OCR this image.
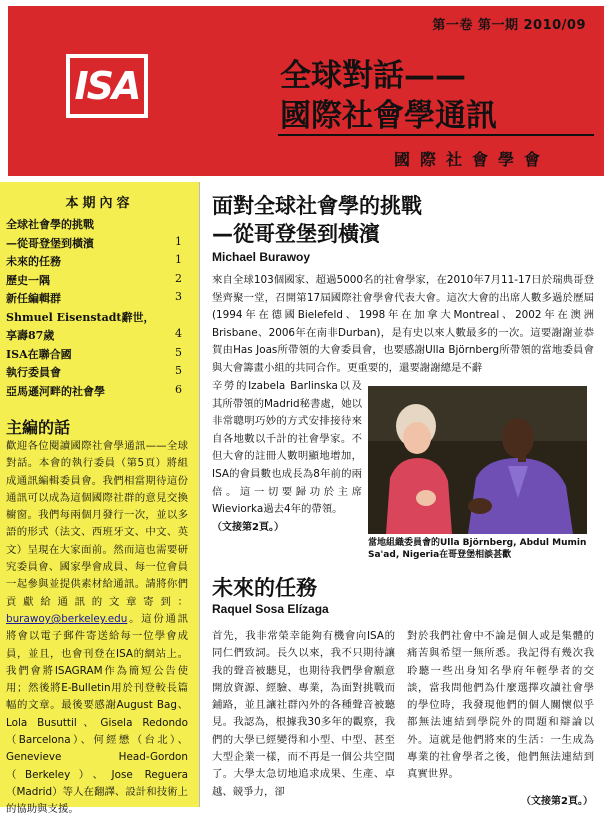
第一卷 第一期 2010/09
ISA	全球對話——
國際社會學通訊
國際社會學會
本期內容
全球社會學的挑戰
—從哥登堡到橫濱	1
未來的任務	1
歷史一隅	2
新任編輯群	3
Shmuel Eisenstadt辭世，
享壽87歲	4
ISA在聯合國	5
執行委員會	5
亞馬遜河畔的社會學	6
主編的話
歡迎各位閱讀國際社會學通訊——全球對話。本會的執行委員（第5頁）將組成通訊編輯委員會。我們相當期待這份通訊可以成為這個國際社群的意見交換櫥窗。我們每兩個月發行一次，並以多語的形式（法文、西班牙文、中文、英文）呈現在大家面前。然而這也需要研究委員會、國家學會成員、每一位會員一起參與並提供素材給通訊。請將你們貢獻給通訊的文章寄到：burawoy@berkeley.edu。這份通訊將會以電子郵件寄送給每一位學會成員，並且，也會刊登在ISA的網站上。我們會將ISAGRAM作為簡短公告使用；然後將E-Bulletin用於刊登較長篇幅的文章。最後要感謝August Bag、Lola Busuttil、Gisela Redondo（Barcelona）、何經懋（台北）、Genevieve Head-Gordon（Berkeley）、Jose Reguera（Madrid）等人在翻譯、設計和技術上的協助與支援。
面對全球社會學的挑戰
—從哥登堡到橫濱
Michael Burawoy
來自全球103個國家、超過5000名的社會學家，在2010年7月11-17日於瑞典哥登堡齊聚一堂，召開第17屆國際社會學會代表大會。這次大會的出席人數多過於歷屆(1994年在德國Bielefeld、1998年在加拿大Montreal、2002年在澳洲Brisbane、2006年在南非Durban)，是有史以來人數最多的一次。這要謝謝並恭賀由Has Joas所帶領的大會委員會，也要感謝Ulla Björnberg所帶領的當地委員會與大會籌畫小組的共同合作。更重要的，還要謝謝總是不辭
辛勞的Izabela Barlinska以及其所帶領的Madrid秘書處，她以非常聰明巧妙的方式安排接待來自各地數以千計的社會學家。不但大會的註冊人數明顯地增加，ISA的會員數也成長為8年前的兩倍。這一切要歸功於主席Wieviorka過去4年的帶領。
（文接第2頁。）
當地組織委員會的Ulla Björnberg, Abdul Mumin Sa'ad, Nigeria在哥登堡相談甚歡
未來的任務
Raquel Sosa Elízaga
首先，我非常榮幸能夠有機會向ISA的同仁們致詞。長久以來，我不只期待讓我的聲音被聽見，也期待我們學會願意開放資源、經驗、專業，為面對挑戰而鋪路，並且讓社群內外的各種聲音被聽見。我認為，根據我30多年的觀察，我們的大學已經變得和小型、中型、甚至大型企業一樣，而不再是一個公共空間了。大學太急切地追求成果、生產、卓越、競爭力，卻
對於我們社會中不論是個人或是集體的痛苦與希望一無所悉。我記得有幾次我聆聽一些出身知名學府年輕學者的交談，當我問他們為什麼選擇攻讀社會學的學位時，我發現他們的個人關懷似乎都無法連結到學院外的問題和辯論以外。這就是他們將來的生活：一生成為專業的社會學者之後，他們無法連結到真實世界。
（文接第2頁。）
